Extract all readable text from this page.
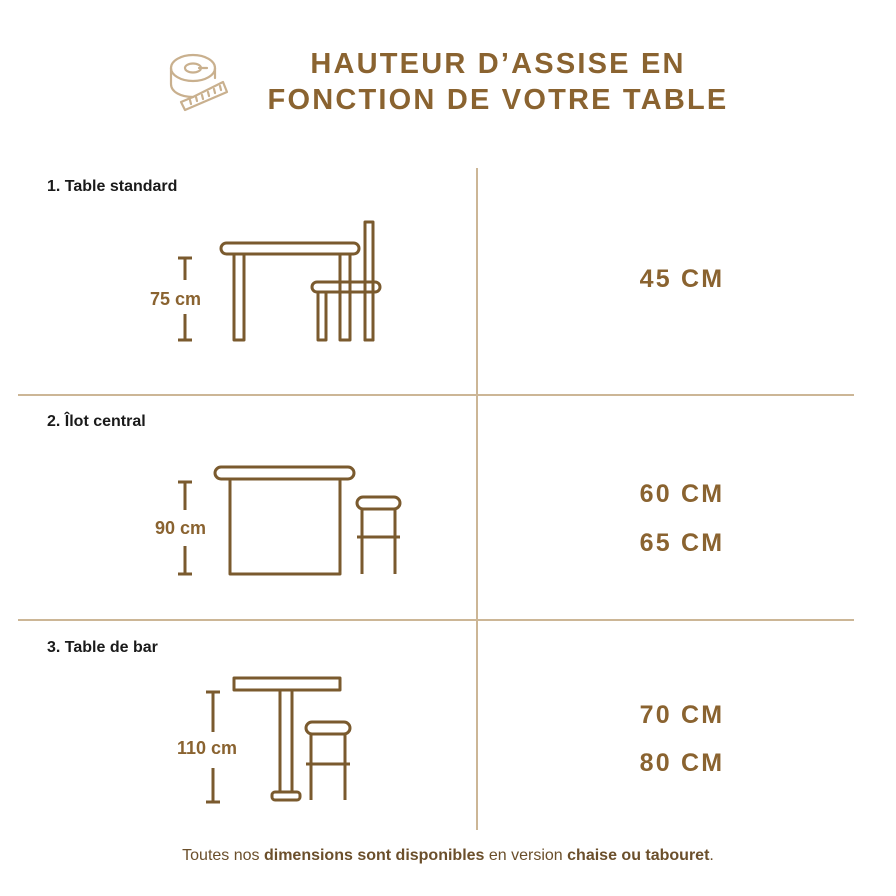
HAUTEUR D’ASSISE EN
FONCTION DE VOTRE TABLE
1. Table standard
75 cm
45 CM
2. Îlot central
90 cm
60 CM
65 CM
3. Table de bar
110 cm
70 CM
80 CM
Toutes nos dimensions sont disponibles en version chaise ou tabouret.
